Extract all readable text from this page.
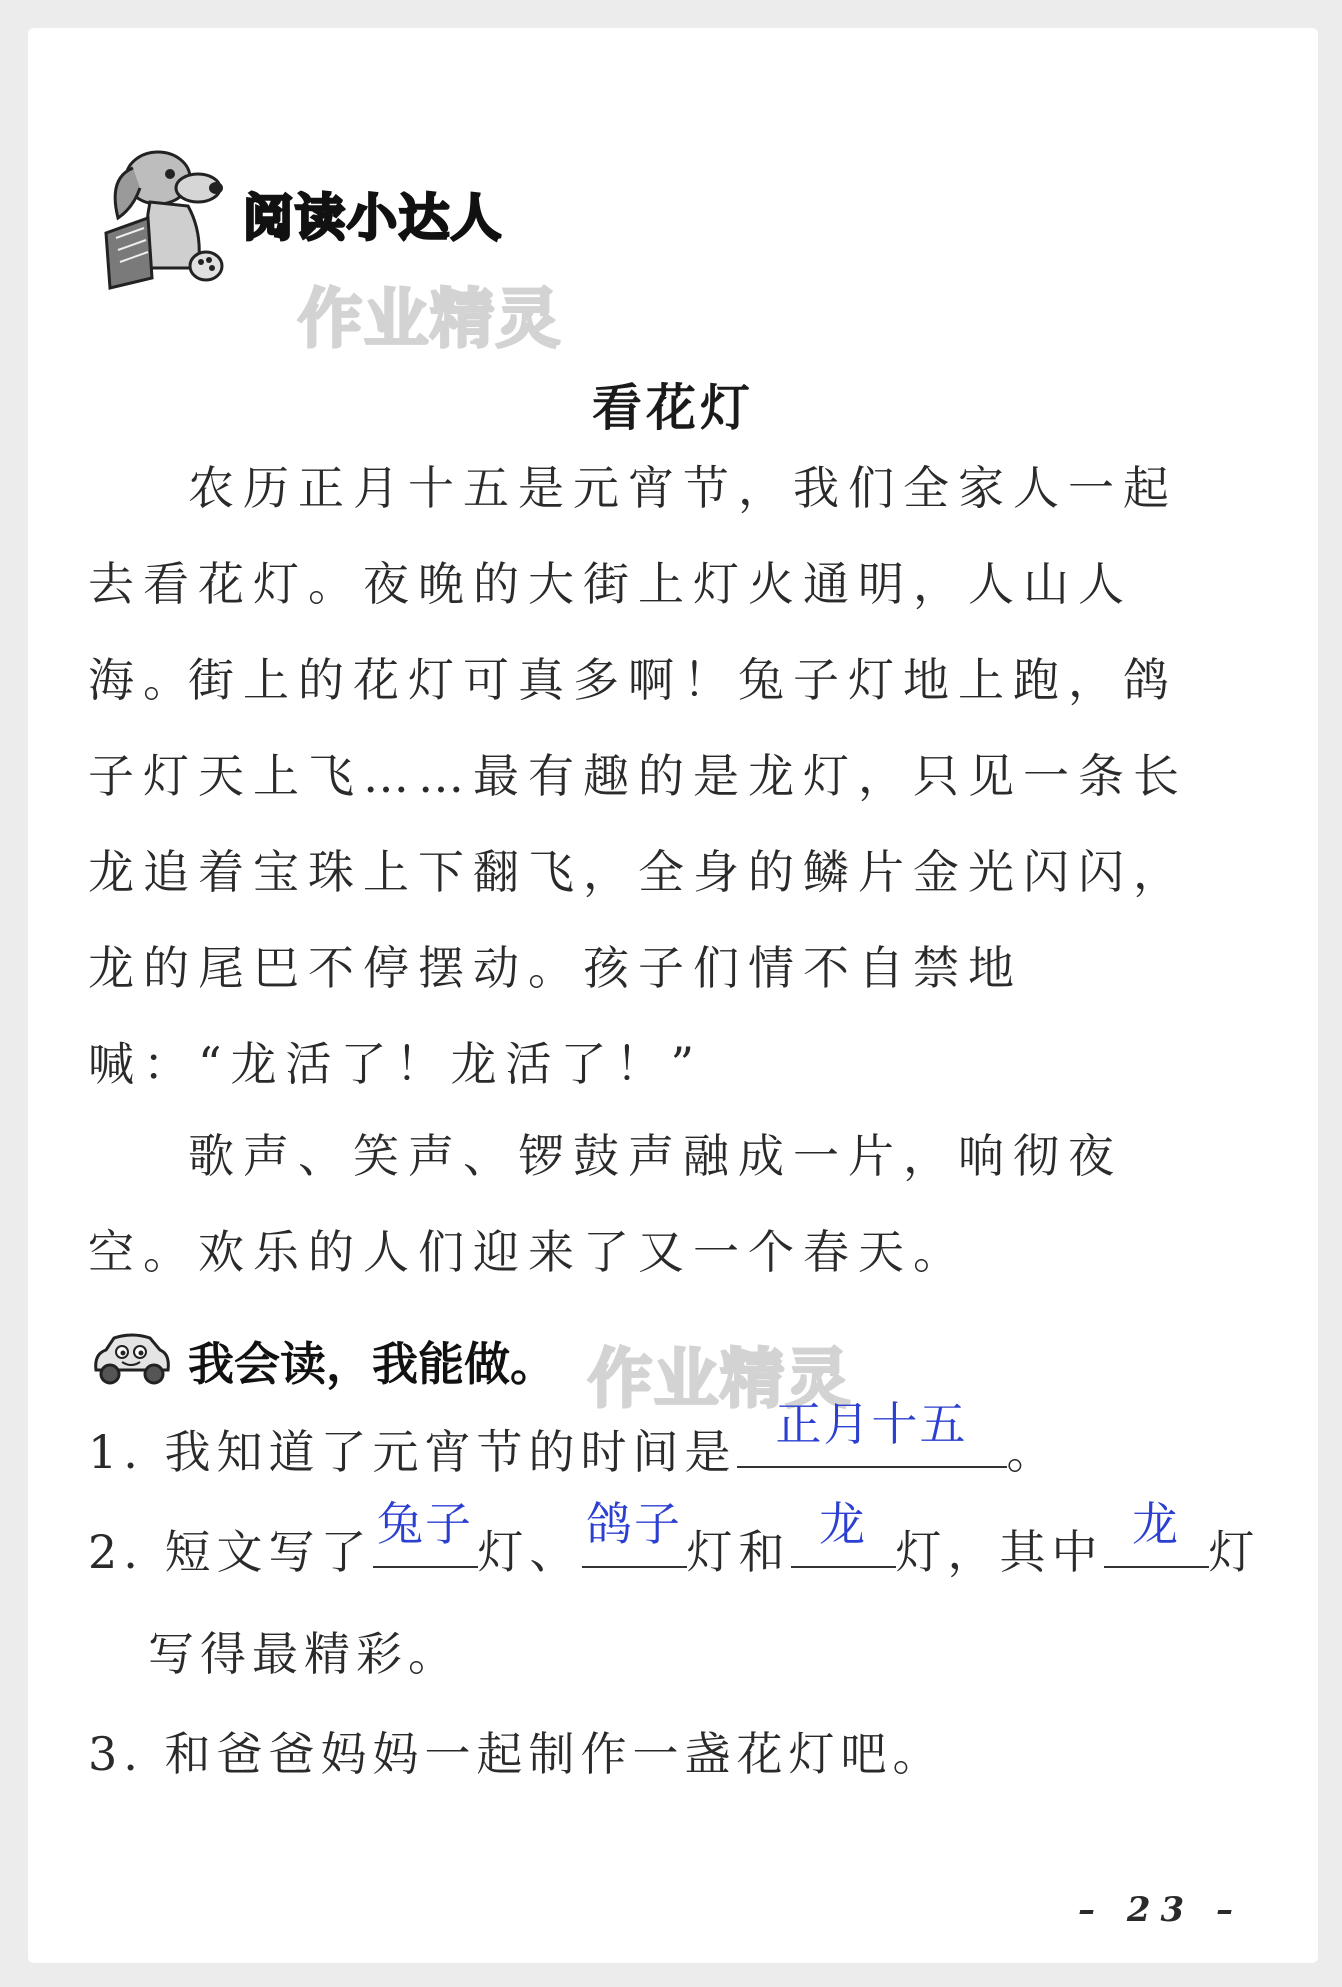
阅读小达人
作业精灵
看花灯

农历正月十五是元宵节，我们全家人一起去看花灯。夜晚的大街上灯火通明，人山人海。

街上的花灯可真多啊！兔子灯地上跑，鸽子灯天上飞……最有趣的是龙灯，只见一条长龙追着宝珠上下翻飞，全身的鳞片金光闪闪，龙的尾巴不停摆动。孩子们情不自禁地喊：“龙活了！龙活了！”

歌声、笑声、锣鼓声融成一片，响彻夜空。欢乐的人们迎来了又一个春天。

我会读，我能做。 作业精灵
1. 我知道了元宵节的时间是
正月十五
。
2. 短文写了
兔子
灯、
鸽子
灯和
龙
灯，其中
龙
灯
写得最精彩。
3. 和爸爸妈妈一起制作一盏花灯吧。
– 23 –
